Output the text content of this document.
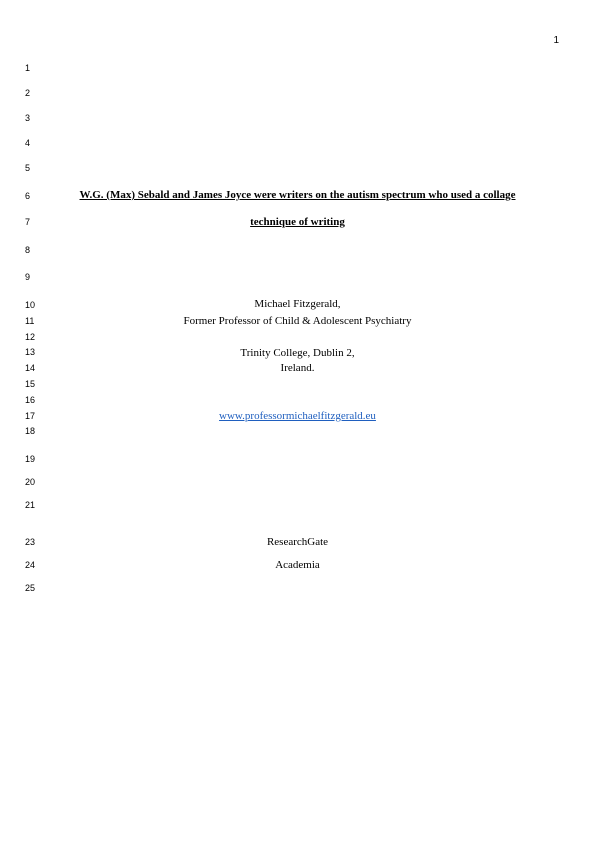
1
1
2
3
4
5
6
7
8
9
10
11
12
13
14
15
16
17
18
19
20
21
23
24
25
W.G. (Max) Sebald and James Joyce were writers on the autism spectrum who used a collage
technique of writing
Michael Fitzgerald,
Former Professor of Child & Adolescent Psychiatry
Trinity College, Dublin 2,
Ireland.
www.professormichaelfitzgerald.eu
ResearchGate
Academia
